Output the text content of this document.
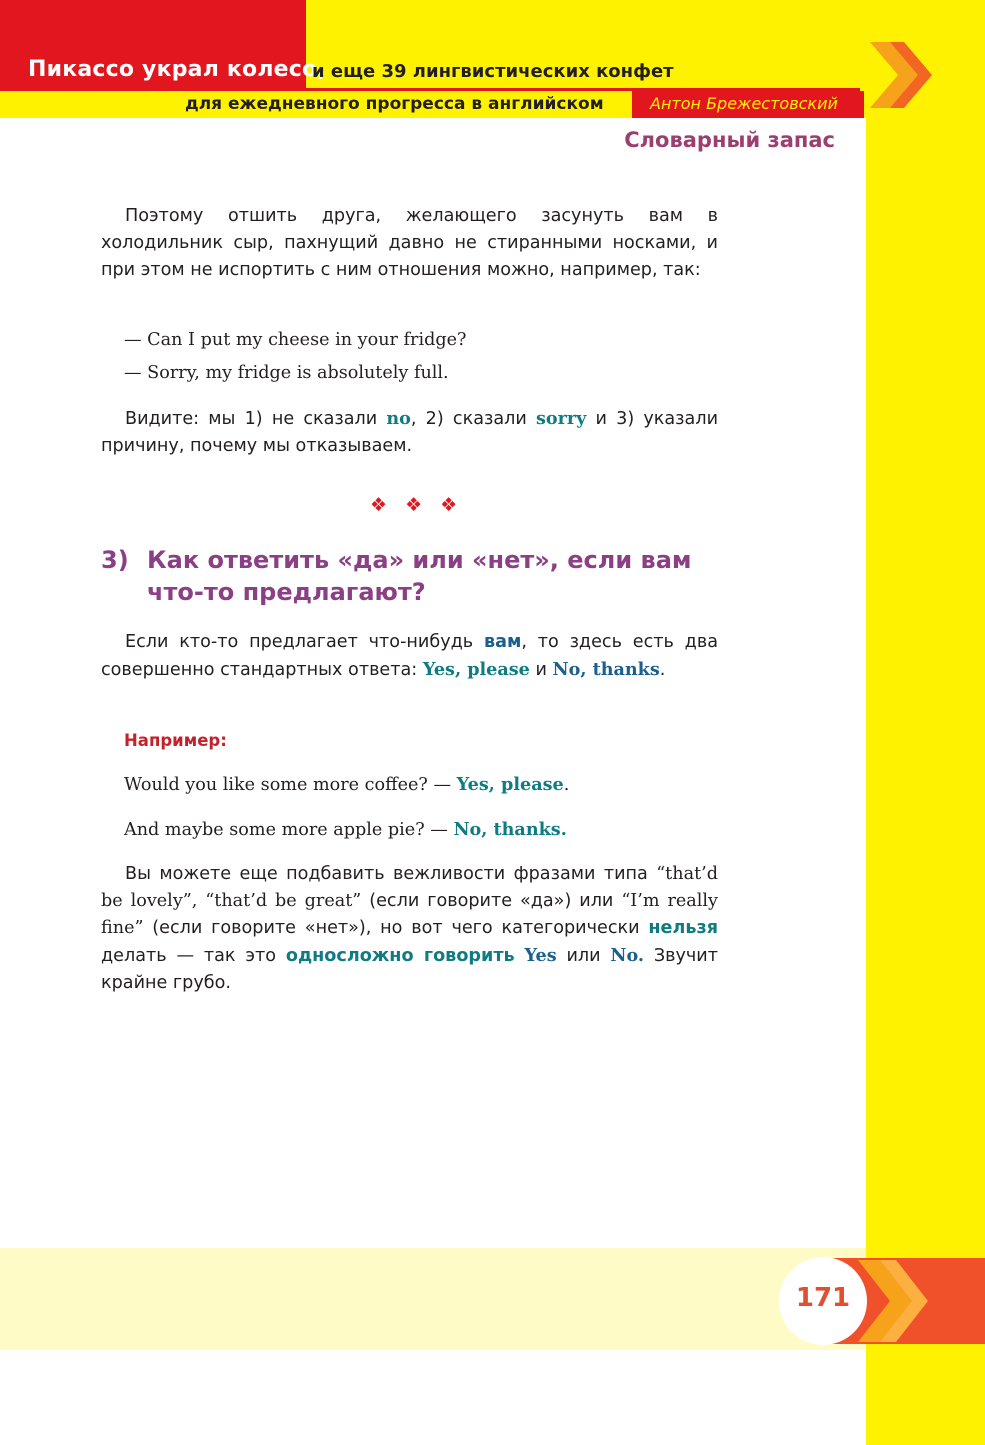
Пикассо украл колесо,
и еще 39 лингвистических конфет
для ежедневного прогресса в английском	Антон Брежестовский
Словарный запас
Поэтому отшить друга, желающего засунуть вам в холодильник сыр, пахнущий давно не стиранными носками, и при этом не испортить с ним отношения можно, например, так:
— Can I put my cheese in your fridge?
— Sorry, my fridge is absolutely full.
Видите: мы 1) не сказали no, 2) сказали sorry и 3) указали причину, почему мы отказываем.
❖ ❖ ❖
3) Как ответить «да» или «нет», если вам что-то предлагают?
Если кто-то предлагает что-нибудь вам, то здесь есть два совершенно стандартных ответа: Yes, please и No, thanks.
Например:
Would you like some more coffee? — Yes, please.
And maybe some more apple pie? — No, thanks.
Вы можете еще подбавить вежливости фразами типа “that’d be lovely”, “that’d be great” (если говорите «да») или “I’m really fine” (если говорите «нет»), но вот чего категорически нельзя делать — так это односложно говорить Yes или No. Звучит крайне грубо.
171
